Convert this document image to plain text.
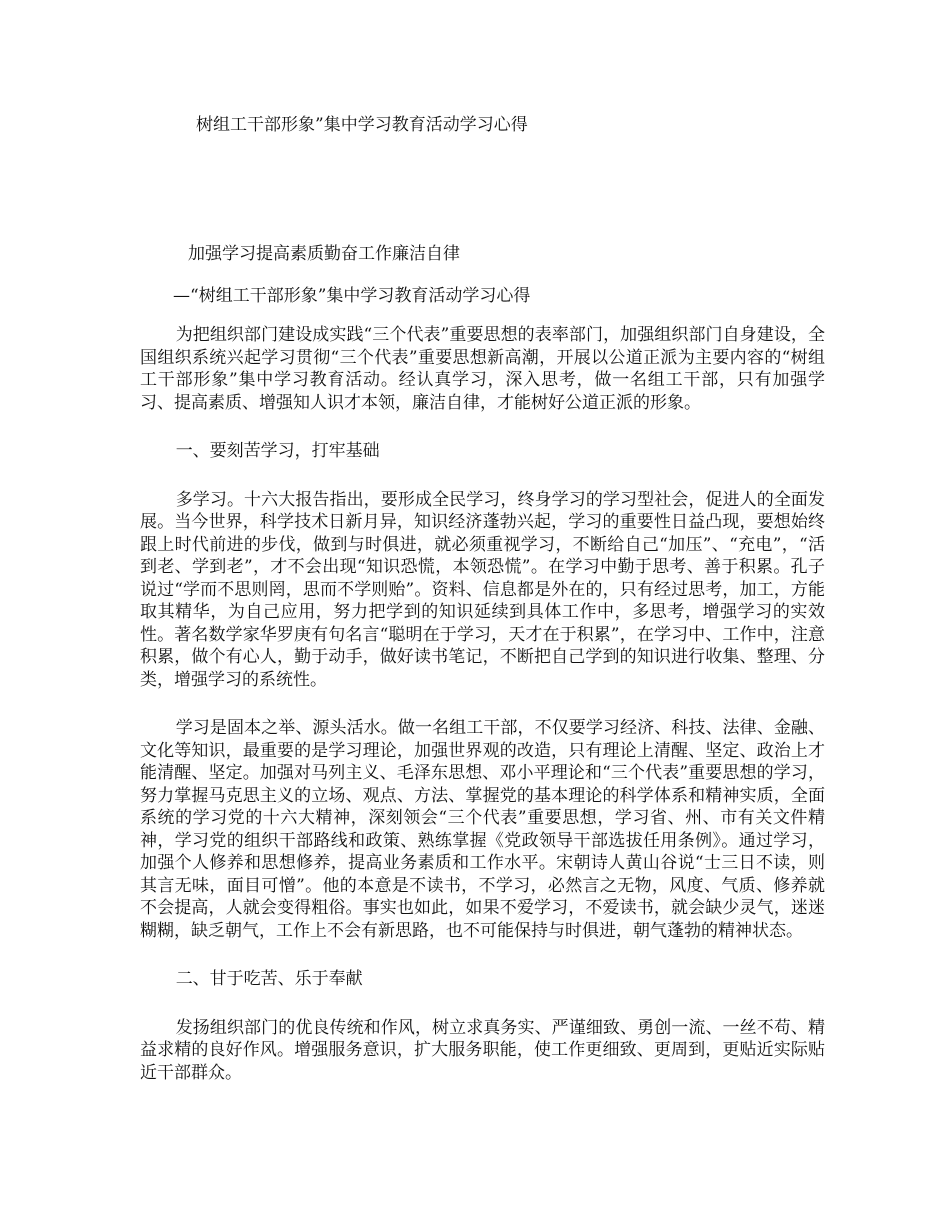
树组工干部形象”集中学习教育活动学习心得
加强学习提高素质勤奋工作廉洁自律
—“树组工干部形象”集中学习教育活动学习心得

为把组织部门建设成实践“三个代表”重要思想的表率部门，加强组织部门自身建设，全国组织系统兴起学习贯彻“三个代表”重要思想新高潮，开展以公道正派为主要内容的“树组工干部形象”集中学习教育活动。经认真学习，深入思考，做一名组工干部，只有加强学习、提高素质、增强知人识才本领，廉洁自律，才能树好公道正派的形象。

一、要刻苦学习，打牢基础

多学习。十六大报告指出，要形成全民学习，终身学习的学习型社会，促进人的全面发展。当今世界，科学技术日新月异，知识经济蓬勃兴起，学习的重要性日益凸现，要想始终跟上时代前进的步伐，做到与时俱进，就必须重视学习，不断给自己“加压”、“充电”，“活到老、学到老”，才不会出现“知识恐慌，本领恐慌”。在学习中勤于思考、善于积累。孔子说过“学而不思则罔，思而不学则贻”。资料、信息都是外在的，只有经过思考，加工，方能取其精华，为自己应用，努力把学到的知识延续到具体工作中，多思考，增强学习的实效性。著名数学家华罗庚有句名言“聪明在于学习，天才在于积累”，在学习中、工作中，注意积累，做个有心人，勤于动手，做好读书笔记，不断把自己学到的知识进行收集、整理、分类，增强学习的系统性。

学习是固本之举、源头活水。做一名组工干部，不仅要学习经济、科技、法律、金融、文化等知识，最重要的是学习理论，加强世界观的改造，只有理论上清醒、坚定、政治上才能清醒、坚定。加强对马列主义、毛泽东思想、邓小平理论和“三个代表”重要思想的学习，努力掌握马克思主义的立场、观点、方法、掌握党的基本理论的科学体系和精神实质，全面系统的学习党的十六大精神，深刻领会“三个代表”重要思想，学习省、州、市有关文件精神，学习党的组织干部路线和政策、熟练掌握《党政领导干部选拔任用条例》。通过学习，加强个人修养和思想修养，提高业务素质和工作水平。宋朝诗人黄山谷说“士三日不读，则其言无味，面目可憎”。他的本意是不读书，不学习，必然言之无物，风度、气质、修养就不会提高，人就会变得粗俗。事实也如此，如果不爱学习，不爱读书，就会缺少灵气，迷迷糊糊，缺乏朝气，工作上不会有新思路，也不可能保持与时俱进，朝气蓬勃的精神状态。

二、甘于吃苦、乐于奉献

发扬组织部门的优良传统和作风，树立求真务实、严谨细致、勇创一流、一丝不苟、精益求精的良好作风。增强服务意识，扩大服务职能，使工作更细致、更周到，更贴近实际贴近干部群众。
